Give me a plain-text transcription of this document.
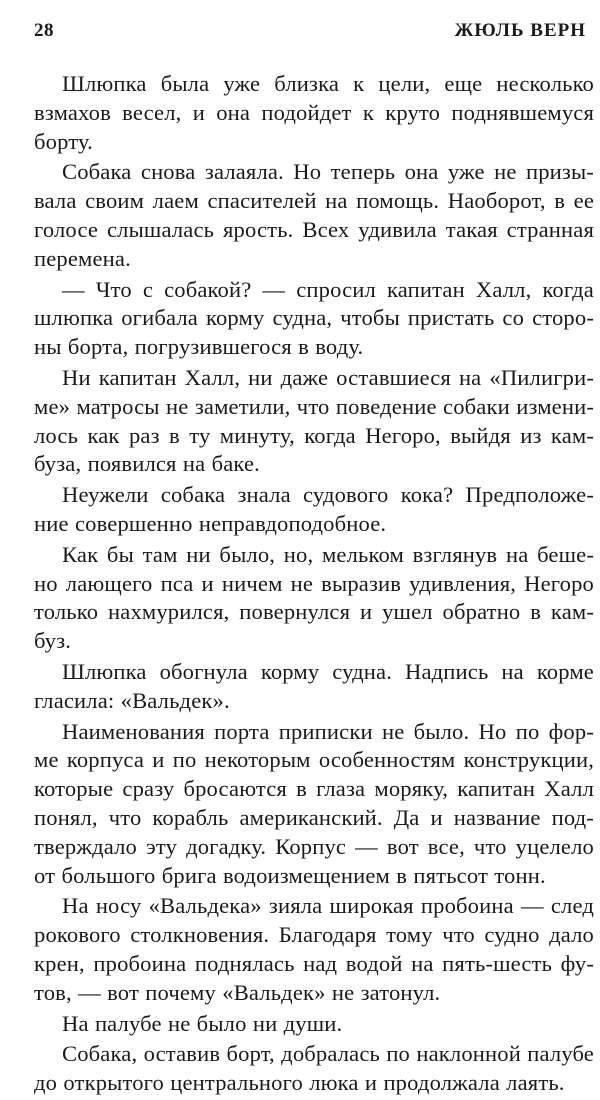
28	ЖЮЛЬ ВЕРН
Шлюпка была уже близка к цели, еще несколько
взмахов весел, и она подойдет к круто поднявшемуся
борту.
Собака снова залаяла. Но теперь она уже не призы-
вала своим лаем спасителей на помощь. Наоборот, в ее
голосе слышалась ярость. Всех удивила такая странная
перемена.
— Что с собакой? — спросил капитан Халл, когда
шлюпка огибала корму судна, чтобы пристать со сторо-
ны борта, погрузившегося в воду.
Ни капитан Халл, ни даже оставшиеся на «Пилигри-
ме» матросы не заметили, что поведение собаки измени-
лось как раз в ту минуту, когда Негоро, выйдя из кам-
буза, появился на баке.
Неужели собака знала судового кока? Предположе-
ние совершенно неправдоподобное.
Как бы там ни было, но, мельком взглянув на беше-
но лающего пса и ничем не выразив удивления, Негоро
только нахмурился, повернулся и ушел обратно в кам-
буз.
Шлюпка обогнула корму судна. Надпись на корме
гласила: «Вальдек».
Наименования порта приписки не было. Но по фор-
ме корпуса и по некоторым особенностям конструкции,
которые сразу бросаются в глаза моряку, капитан Халл
понял, что корабль американский. Да и название под-
тверждало эту догадку. Корпус — вот все, что уцелело
от большого брига водоизмещением в пятьсот тонн.
На носу «Вальдека» зияла широкая пробоина — след
рокового столкновения. Благодаря тому что судно дало
крен, пробоина поднялась над водой на пять-шесть фу-
тов, — вот почему «Вальдек» не затонул.
На палубе не было ни души.
Собака, оставив борт, добралась по наклонной палубе
до открытого центрального люка и продолжала лаять.
